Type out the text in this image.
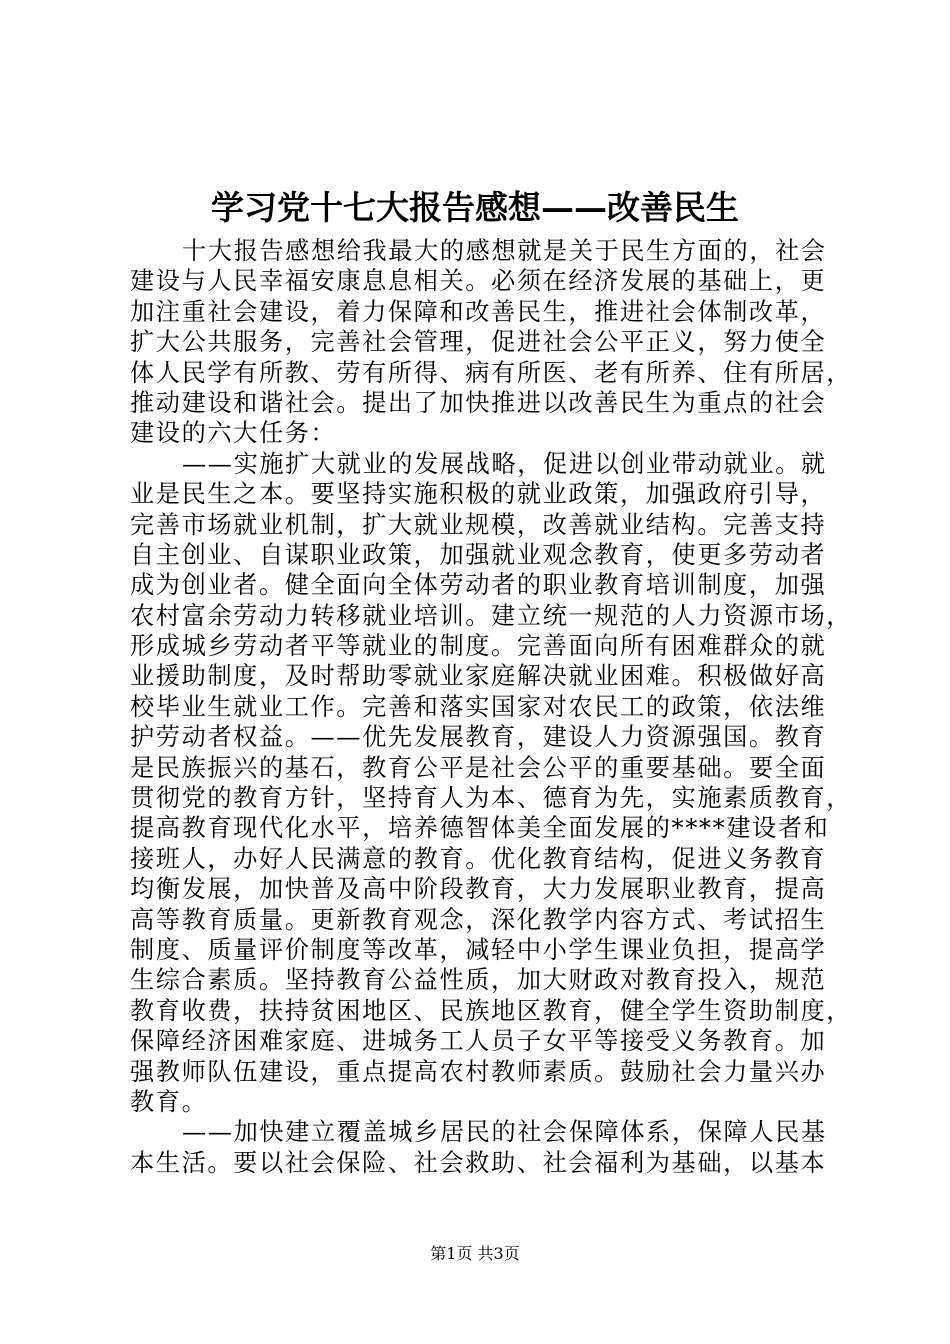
学习党十七大报告感想——改善民生
十大报告感想给我最大的感想就是关于民生方面的，社会
建设与人民幸福安康息息相关。必须在经济发展的基础上，更
加注重社会建设，着力保障和改善民生，推进社会体制改革，
扩大公共服务，完善社会管理，促进社会公平正义，努力使全
体人民学有所教、劳有所得、病有所医、老有所养、住有所居，
推动建设和谐社会。提出了加快推进以改善民生为重点的社会
建设的六大任务：
——实施扩大就业的发展战略，促进以创业带动就业。就
业是民生之本。要坚持实施积极的就业政策，加强政府引导，
完善市场就业机制，扩大就业规模，改善就业结构。完善支持
自主创业、自谋职业政策，加强就业观念教育，使更多劳动者
成为创业者。健全面向全体劳动者的职业教育培训制度，加强
农村富余劳动力转移就业培训。建立统一规范的人力资源市场，
形成城乡劳动者平等就业的制度。完善面向所有困难群众的就
业援助制度，及时帮助零就业家庭解决就业困难。积极做好高
校毕业生就业工作。完善和落实国家对农民工的政策，依法维
护劳动者权益。——优先发展教育，建设人力资源强国。教育
是民族振兴的基石，教育公平是社会公平的重要基础。要全面
贯彻党的教育方针，坚持育人为本、德育为先，实施素质教育，
提高教育现代化水平，培养德智体美全面发展的****建设者和
接班人，办好人民满意的教育。优化教育结构，促进义务教育
均衡发展，加快普及高中阶段教育，大力发展职业教育，提高
高等教育质量。更新教育观念，深化教学内容方式、考试招生
制度、质量评价制度等改革，减轻中小学生课业负担，提高学
生综合素质。坚持教育公益性质，加大财政对教育投入，规范
教育收费，扶持贫困地区、民族地区教育，健全学生资助制度，
保障经济困难家庭、进城务工人员子女平等接受义务教育。加
强教师队伍建设，重点提高农村教师素质。鼓励社会力量兴办
教育。
——加快建立覆盖城乡居民的社会保障体系，保障人民基
本生活。要以社会保险、社会救助、社会福利为基础，以基本
第1页 共3页
